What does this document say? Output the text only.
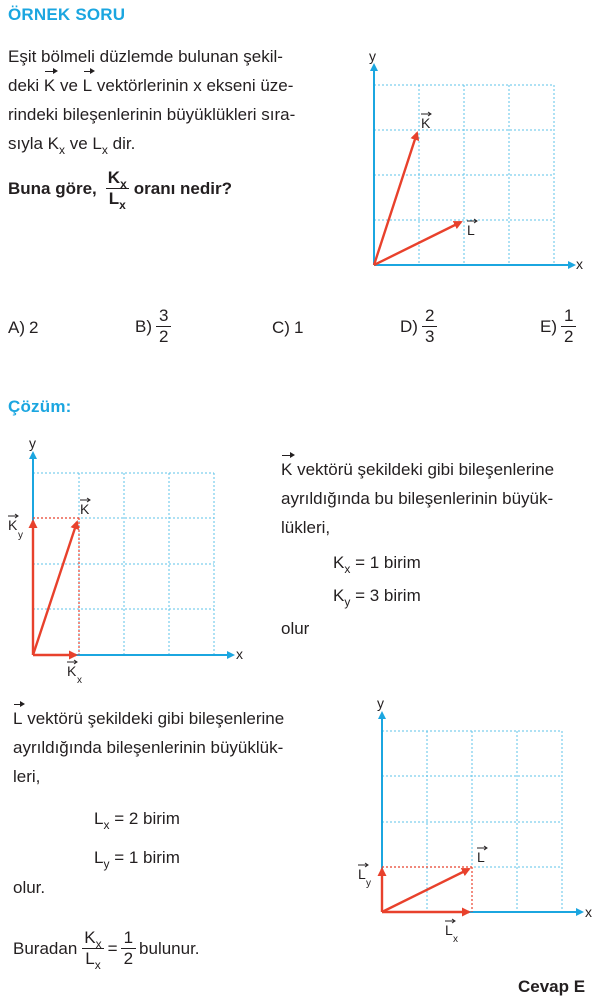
ÖRNEK SORU
Eşit bölmeli düzlemde bulunan şekil-
deki K ve L vektörlerinin x ekseni üze-
rindeki bileşenlerinin büyüklükleri sıra-
sıyla $K_x$ ve $L_x$ dir.
Buna göre, $\frac{K_x}{L_x}$ oranı nedir?
x
y
K
L
A) 2	$B) \frac{3}{2}$	C) 1	$D) \frac{2}{3}$	$E) \frac{1}{2}$
Çözüm:
x
y
K
K
y
K
x
K vektörü şekildeki gibi bileşenlerine
ayrıldığında bu bileşenlerinin büyük-
lükleri,
$K_x = 1$ birim
$K_y = 3$ birim
olur
L vektörü şekildeki gibi bileşenlerine
ayrıldığında bileşenlerinin büyüklük-
leri,
$L_x = 2$ birim
$L_y = 1$ birim
olur.
Buradan $\frac{K_x}{L_x} = \frac{1}{2}$ bulunur.
x
y
L
L
y
L
x
Cevap E
